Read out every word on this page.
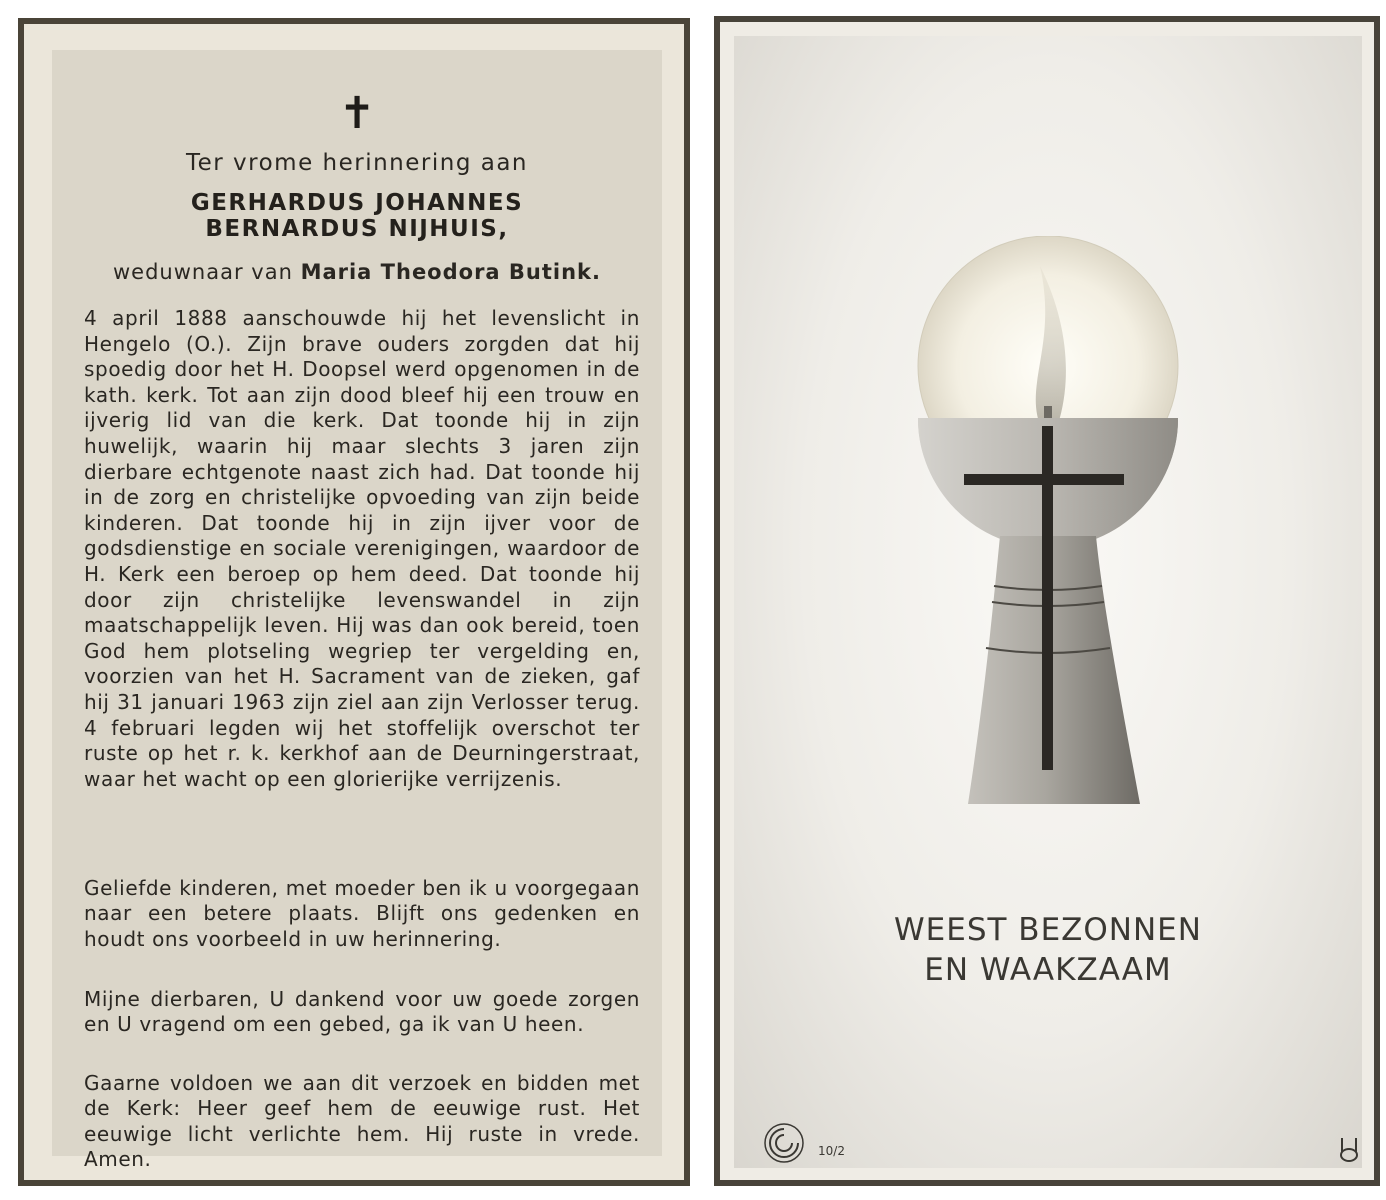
✝
Ter vrome herinnering aan
GERHARDUS JOHANNES
BERNARDUS NIJHUIS,
weduwnaar van Maria Theodora Butink.
4 april 1888 aanschouwde hij het levenslicht in Hengelo (O.). Zijn brave ouders zorgden dat hij spoedig door het H. Doopsel werd opgenomen in de kath. kerk. Tot aan zijn dood bleef hij een trouw en ijverig lid van die kerk. Dat toonde hij in zijn huwelijk, waarin hij maar slechts 3 jaren zijn dierbare echtgenote naast zich had. Dat toonde hij in de zorg en christelijke opvoeding van zijn beide kinderen. Dat toonde hij in zijn ijver voor de godsdienstige en sociale verenigingen, waardoor de H. Kerk een beroep op hem deed. Dat toonde hij door zijn christelijke levenswandel in zijn maatschappelijk leven. Hij was dan ook bereid, toen God hem plotseling wegriep ter vergelding en, voorzien van het H. Sacrament van de zieken, gaf hij 31 januari 1963 zijn ziel aan zijn Verlosser terug. 4 februari legden wij het stoffelijk overschot ter ruste op het r. k. kerkhof aan de Deurningerstraat, waar het wacht op een glorierijke verrijzenis.
Geliefde kinderen, met moeder ben ik u voorgegaan naar een betere plaats. Blijft ons gedenken en houdt ons voorbeeld in uw herinnering.
Mijne dierbaren, U dankend voor uw goede zorgen en U vragend om een gebed, ga ik van U heen.
Gaarne voldoen we aan dit verzoek en bidden met de Kerk: Heer geef hem de eeuwige rust. Het eeuwige licht verlichte hem. Hij ruste in vrede. Amen.
WEEST BEZONNEN
EN WAAKZAAM
10/2
